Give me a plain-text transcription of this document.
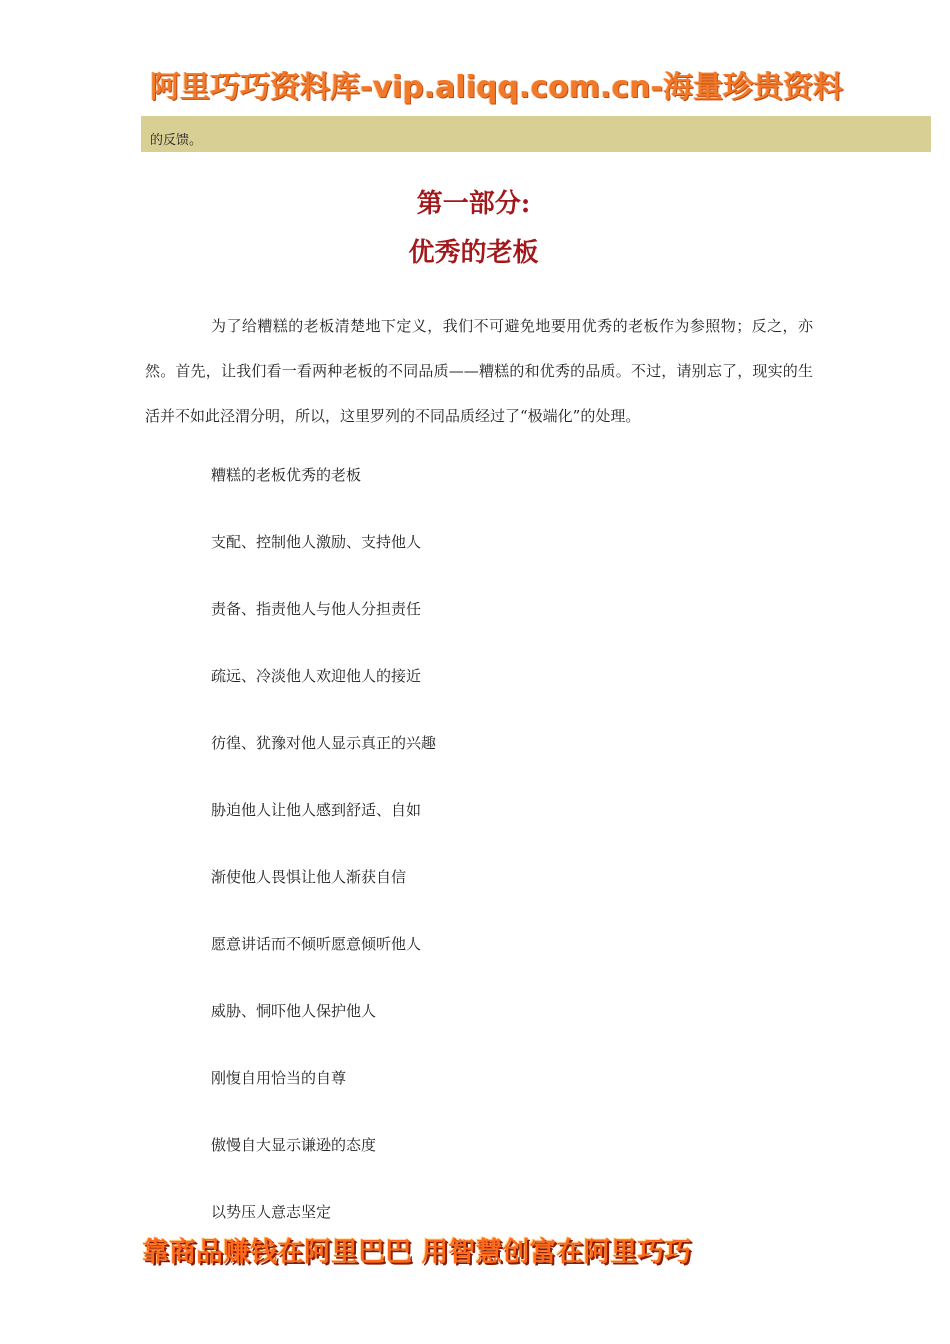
阿里巧巧资料库-vip.aliqq.com.cn-海量珍贵资料
的反馈。
第一部分:
优秀的老板

为了给糟糕的老板清楚地下定义，我们不可避免地要用优秀的老板作为参照物；反之，亦然。首先，让我们看一看两种老板的不同品质——糟糕的和优秀的品质。不过，请别忘了，现实的生活并不如此泾渭分明，所以，这里罗列的不同品质经过了“极端化”的处理。

糟糕的老板优秀的老板
支配、控制他人激励、支持他人
责备、指责他人与他人分担责任
疏远、冷淡他人欢迎他人的接近
彷徨、犹豫对他人显示真正的兴趣
胁迫他人让他人感到舒适、自如
渐使他人畏惧让他人渐获自信
愿意讲话而不倾听愿意倾听他人
威胁、恫吓他人保护他人
刚愎自用恰当的自尊
傲慢自大显示谦逊的态度
以势压人意志坚定
靠商品赚钱在阿里巴巴 用智慧创富在阿里巧巧
